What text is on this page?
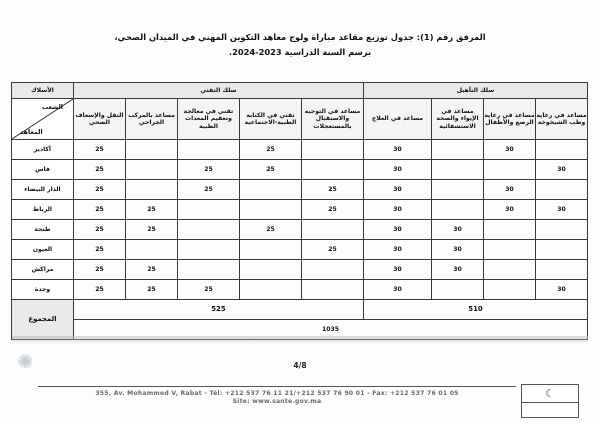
المرفق رقم (1): جدول توزيع مقاعد مباراة ولوج معاهد التكوين المهني في الميدان الصحي،
برسم السنة الدراسية 2023-2024.
سلك التأهيل				سلك التقني					الأسلاك
مساعد في رعاية وطب الشيخوخة	مساعد في رعاية الرضع والأطفال	مساعد في الإيواء والصحة الاستشفائية	مساعد في العلاج	مساعد في التوجيه والاستقبال بالمستعجلات	تقني في الكتابة الطبية-الاجتماعية	تقني في معالجة وتعقيم المعدات الطبية	مساعد بالمركب الجراحي	النقل والإسعاف الصحي	الشعب
المعاهد

	30		30		25			25	أكادير
30			30		25	25		25	فاس
	30		30	25		25		25	الدار البيضاء
30	30		30	25			25	25	الرباط
		30	30		25		25	25	طنجة
		30	30	25				25	العيون
		30	30				25	25	مراكش
30			30			25	25	25	وجدة
510				525					المجموع
1035									
✺	4/8
355, Av. Mohammed V, Rabat - Tél: +212 537 76 11 21/+212 537 76 90 01 - Fax: +212 537 76 01 05
Site: www.sante.gov.ma
☾
